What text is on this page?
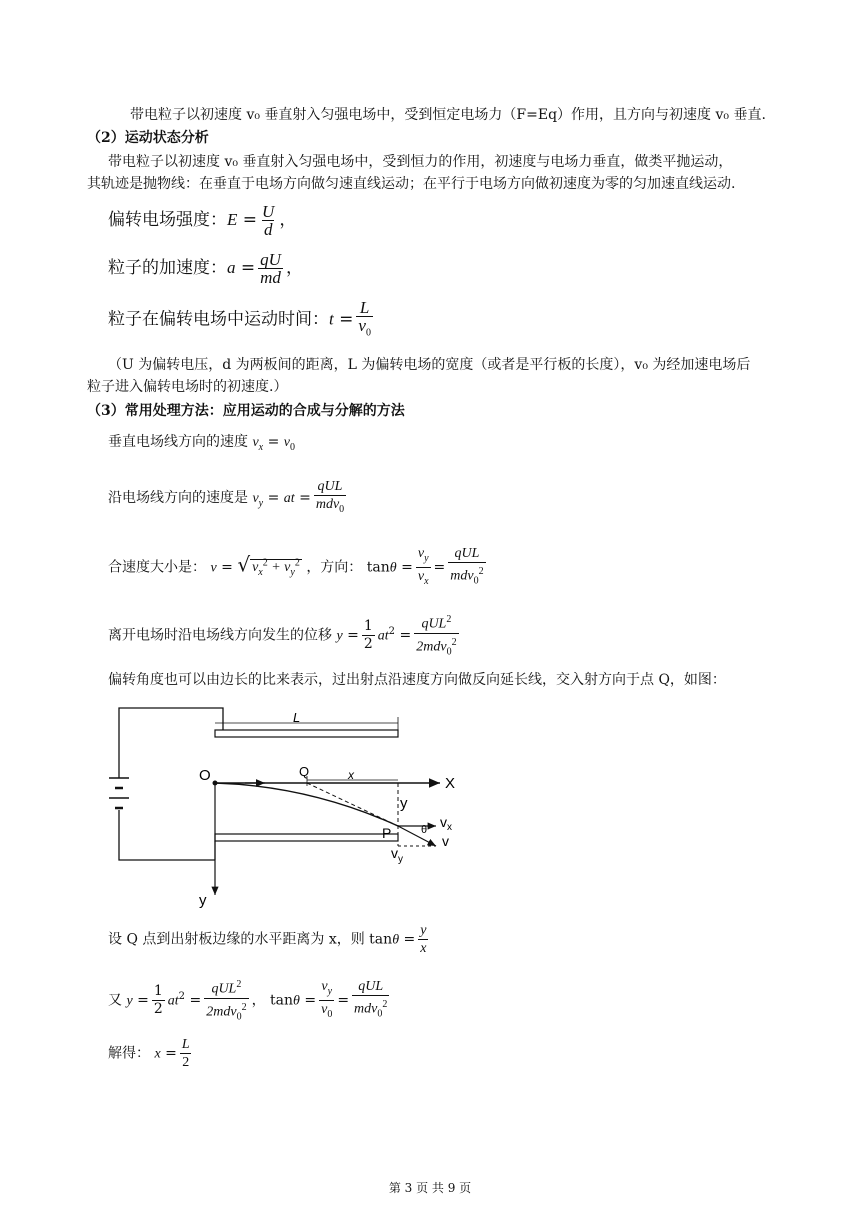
带电粒子以初速度 v₀ 垂直射入匀强电场中，受到恒定电场力（F=Eq）作用，且方向与初速度 v₀ 垂直.
（2）运动状态分析
带电粒子以初速度 v₀ 垂直射入匀强电场中，受到恒力的作用，初速度与电场力垂直，做类平抛运动，
其轨迹是抛物线：在垂直于电场方向做匀速直线运动；在平行于电场方向做初速度为零的匀加速直线运动.
偏转电场强度：$E = \frac{U}{d}$ ，
粒子的加速度：$a = \frac{qU}{md}$ ，
粒子在偏转电场中运动时间：$t = \frac{L}{v_0}$
（U 为偏转电压，d 为两板间的距离，L 为偏转电场的宽度（或者是平行板的长度），v₀ 为经加速电场后
粒子进入偏转电场时的初速度.）
（3）常用处理方法：应用运动的合成与分解的方法
垂直电场线方向的速度 $v_x = v_0$
沿电场线方向的速度是 $v_y$ = at = $\frac{\text{qUL}}{mdv_0}$
合速度大小是： v = √ $v_x^2 + v_y^2$ ，方向： $\tan\theta = \frac{v_y}{v_x} = \frac{\text{qUL}}{mdv_0^2}$
离开电场时沿电场线方向发生的位移 $y = \frac{1}{2} at^2 = \frac{qUL^2}{2mdv_0^2}$
偏转角度也可以由边长的比来表示，过出射点沿速度方向做反向延长线，交入射方向于点 Q，如图：
L
X
O
y
Q	x
y
P	θ $v_x$
v
$v_y$
设 Q 点到出射板边缘的水平距离为 x，则 $\tan\theta = \frac{y}{x}$
又 $y = \frac{1}{2} at^2 = \frac{qUL^2}{2mdv_0^2}$ ， $\tan\theta = \frac{v_y}{v_0} = \frac{\text{qUL}}{mdv_0^2}$
解得： $x = \frac{L}{2}$
第 3 页 共 9 页
